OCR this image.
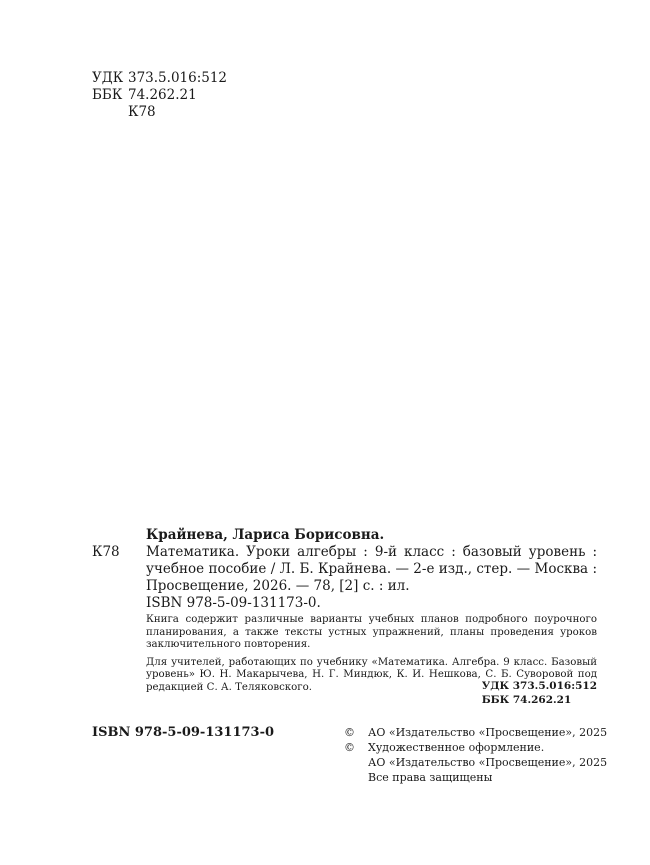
УДК 373.5.016:512
ББК 74.262.21
К78
К78
Крайнева, Лариса Борисовна.
Математика. Уроки алгебры : 9-й класс : базовый уровень : учебное пособие / Л. Б. Крайнева. — 2-е изд., стер. — Москва : Просвещение, 2026. — 78, [2] с. : ил.
ISBN 978-5-09-131173-0.
Книга содержит различные варианты учебных планов подробного поурочного планирования, а также тексты устных упражнений, планы проведения уроков заключительного повторения.
Для учителей, работающих по учебнику «Математика. Алгебра. 9 класс. Базовый уровень» Ю. Н. Макарычева, Н. Г. Миндюк, К. И. Нешкова, С. Б. Суворовой под редакцией С. А. Теляковского.	УДК 373.5.016:512
ББК 74.262.21
ISBN 978-5-09-131173-0	©	АО «Издательство «Просвещение», 2025
©	Художественное оформление.
АО «Издательство «Просвещение», 2025
Все права защищены
